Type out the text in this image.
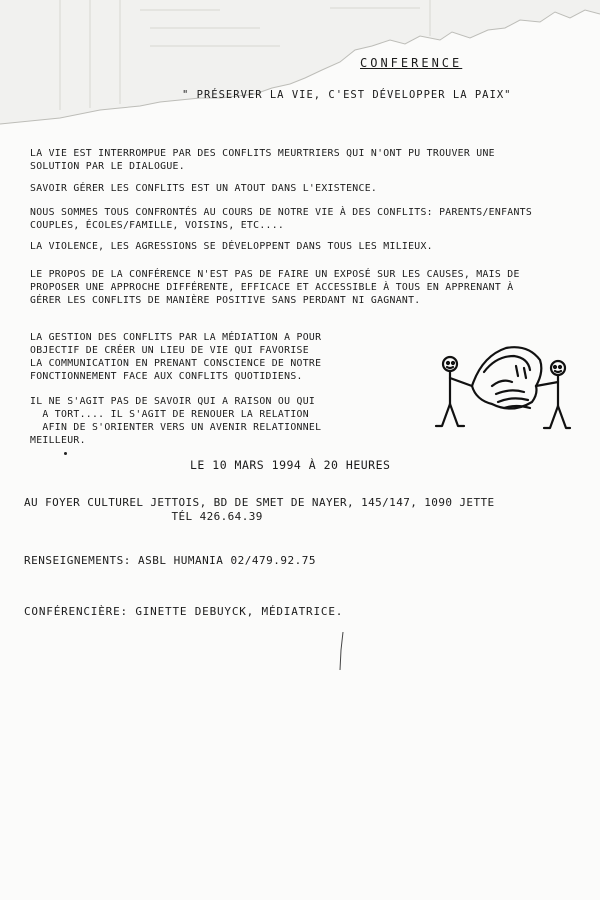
CONFERENCE
" PRÉSERVER LA VIE, C'EST DÉVELOPPER LA PAIX"

LA VIE EST INTERROMPUE PAR DES CONFLITS MEURTRIERS QUI N'ONT PU TROUVER UNE
SOLUTION PAR LE DIALOGUE.

SAVOIR GÉRER LES CONFLITS EST UN ATOUT DANS L'EXISTENCE.

NOUS SOMMES TOUS CONFRONTÉS AU COURS DE NOTRE VIE À DES CONFLITS: PARENTS/ENFANTS
COUPLES, ÉCOLES/FAMILLE, VOISINS, ETC....

LA VIOLENCE, LES AGRESSIONS SE DÉVELOPPENT DANS TOUS LES MILIEUX.

LE PROPOS DE LA CONFÉRENCE N'EST PAS DE FAIRE UN EXPOSÉ SUR LES CAUSES, MAIS DE
PROPOSER UNE APPROCHE DIFFÉRENTE, EFFICACE ET ACCESSIBLE À TOUS EN APPRENANT À
GÉRER LES CONFLITS DE MANIÈRE POSITIVE SANS PERDANT NI GAGNANT.

LA GESTION DES CONFLITS PAR LA MÉDIATION A POUR
OBJECTIF DE CRÉER UN LIEU DE VIE QUI FAVORISE
LA COMMUNICATION EN PRENANT CONSCIENCE DE NOTRE
FONCTIONNEMENT FACE AUX CONFLITS QUOTIDIENS.

IL NE S'AGIT PAS DE SAVOIR QUI A RAISON OU QUI
A TORT.... IL S'AGIT DE RENOUER LA RELATION
AFIN DE S'ORIENTER VERS UN AVENIR RELATIONNEL
MEILLEUR.

LE 10 MARS 1994 À 20 HEURES
AU FOYER CULTUREL JETTOIS, BD DE SMET DE NAYER, 145/147, 1090 JETTE
TÉL 426.64.39
RENSEIGNEMENTS: ASBL HUMANIA 02/479.92.75
CONFÉRENCIÈRE: GINETTE DEBUYCK, MÉDIATRICE.
